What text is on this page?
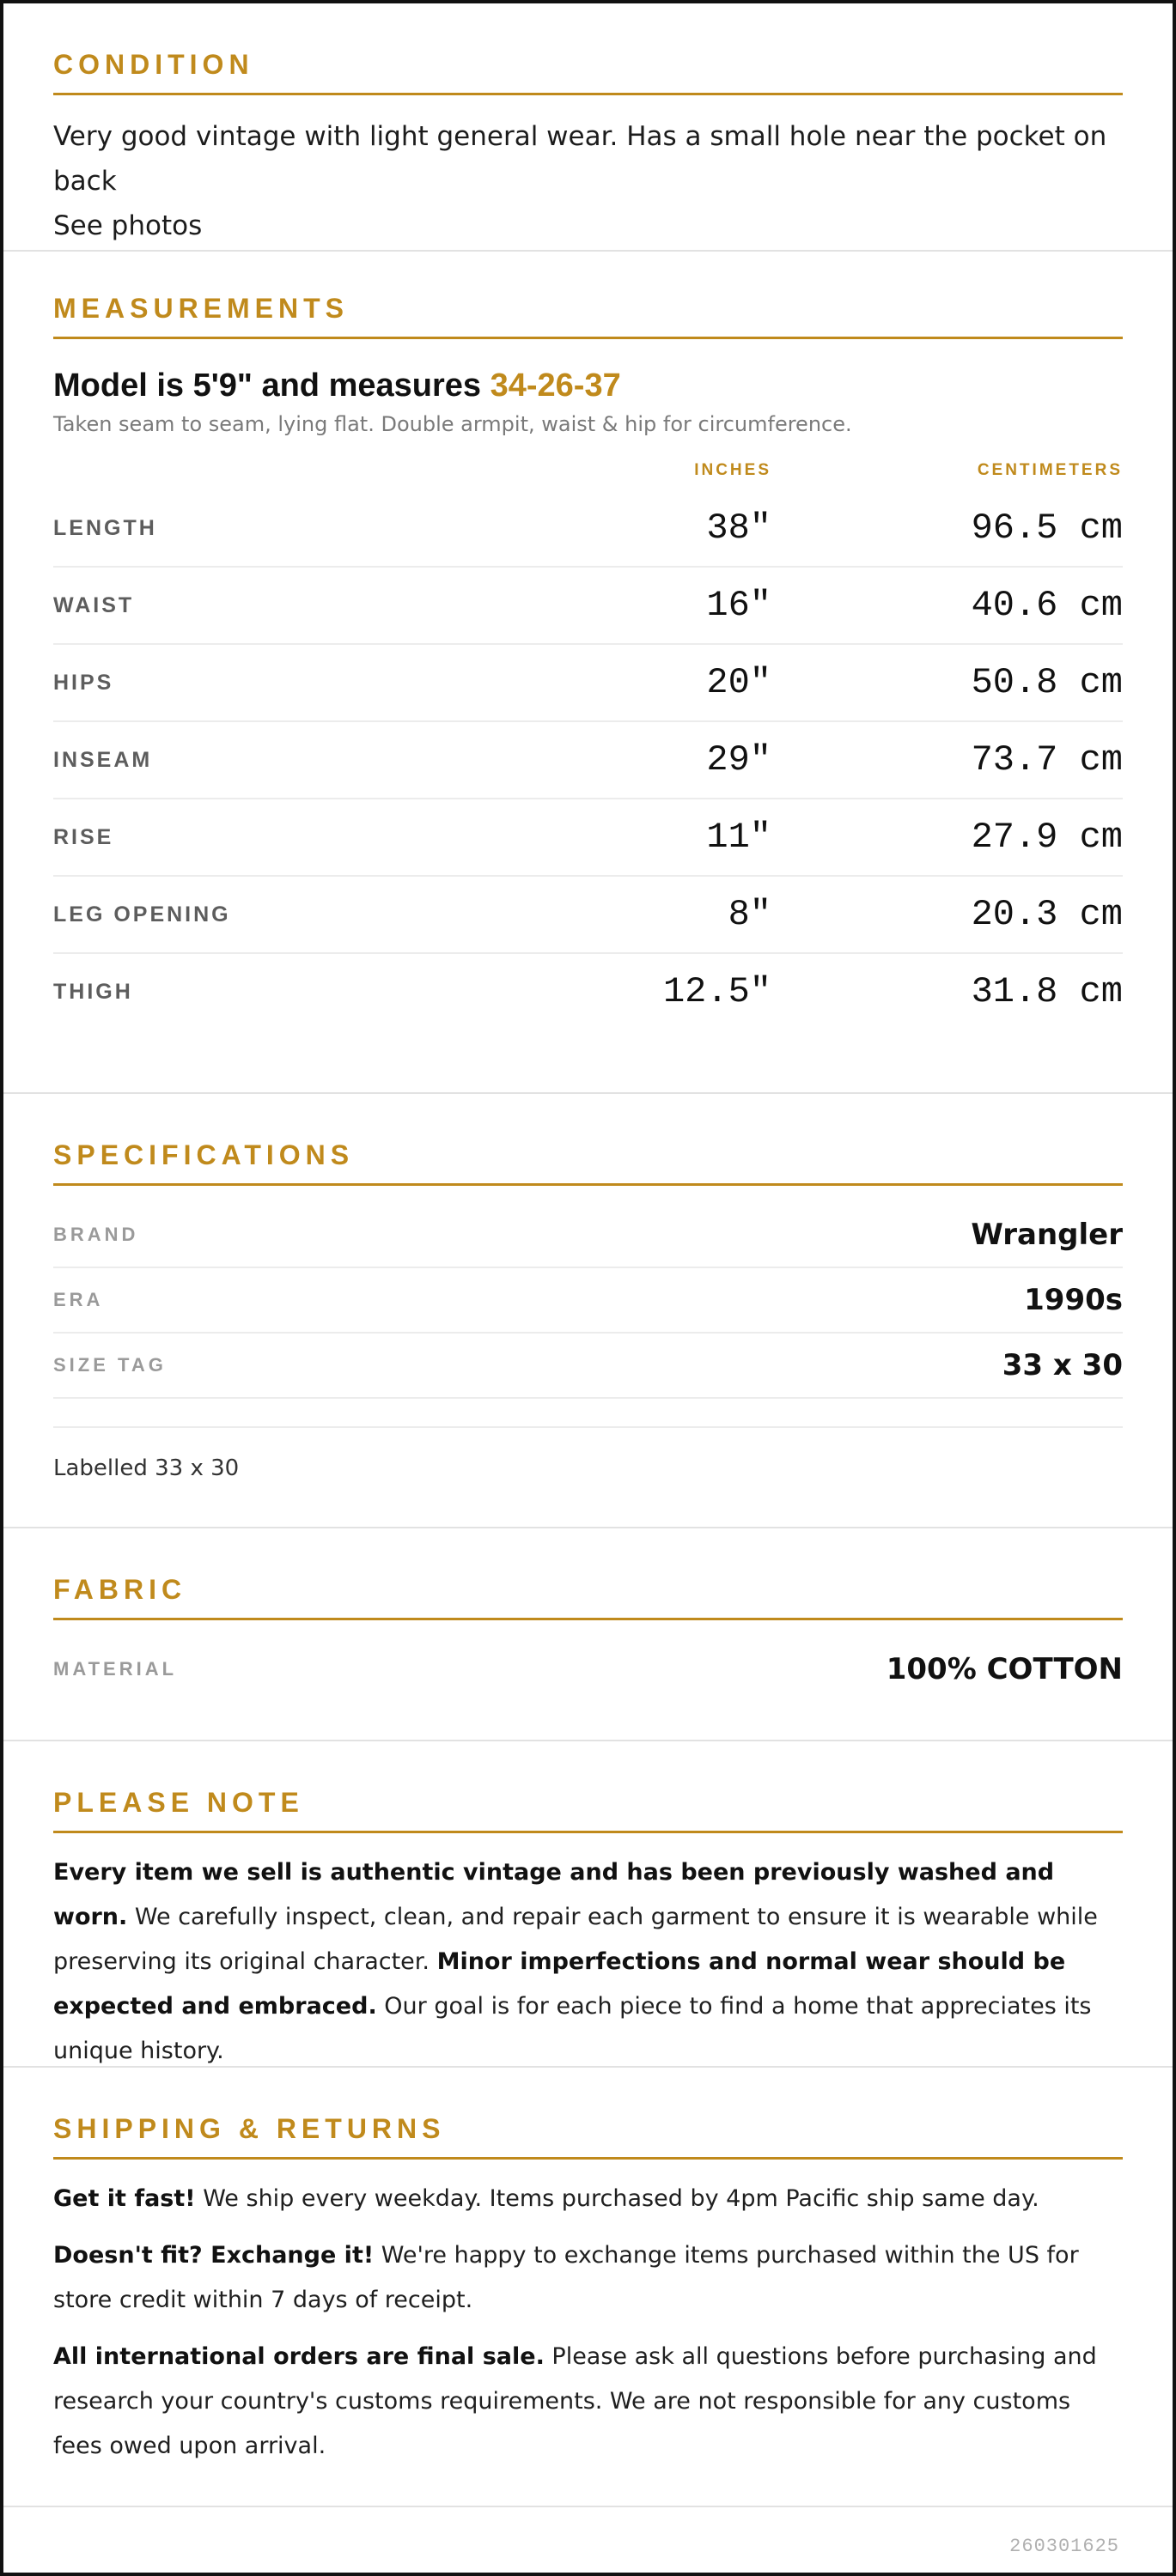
CONDITION
Very good vintage with light general wear. Has a small hole near the pocket on back
See photos
MEASUREMENTS
Model is 5'9" and measures 34-26-37
Taken seam to seam, lying flat. Double armpit, waist & hip for circumference.
INCHES	CENTIMETERS
LENGTH	38"	96.5 cm
WAIST	16"	40.6 cm
HIPS	20"	50.8 cm
INSEAM	29"	73.7 cm
RISE	11"	27.9 cm
LEG OPENING	8"	20.3 cm
THIGH	12.5"	31.8 cm
SPECIFICATIONS
BRAND	Wrangler
ERA	1990s
SIZE TAG	33 x 30
Labelled 33 x 30
FABRIC
MATERIAL	100% COTTON
PLEASE NOTE
Every item we sell is authentic vintage and has been previously washed and worn. We carefully inspect, clean, and repair each garment to ensure it is wearable while preserving its original character. Minor imperfections and normal wear should be expected and embraced. Our goal is for each piece to find a home that appreciates its unique history.
SHIPPING & RETURNS
Get it fast! We ship every weekday. Items purchased by 4pm Pacific ship same day.
Doesn't fit? Exchange it! We're happy to exchange items purchased within the US for store credit within 7 days of receipt.
All international orders are final sale. Please ask all questions before purchasing and research your country's customs requirements. We are not responsible for any customs fees owed upon arrival.
260301625
